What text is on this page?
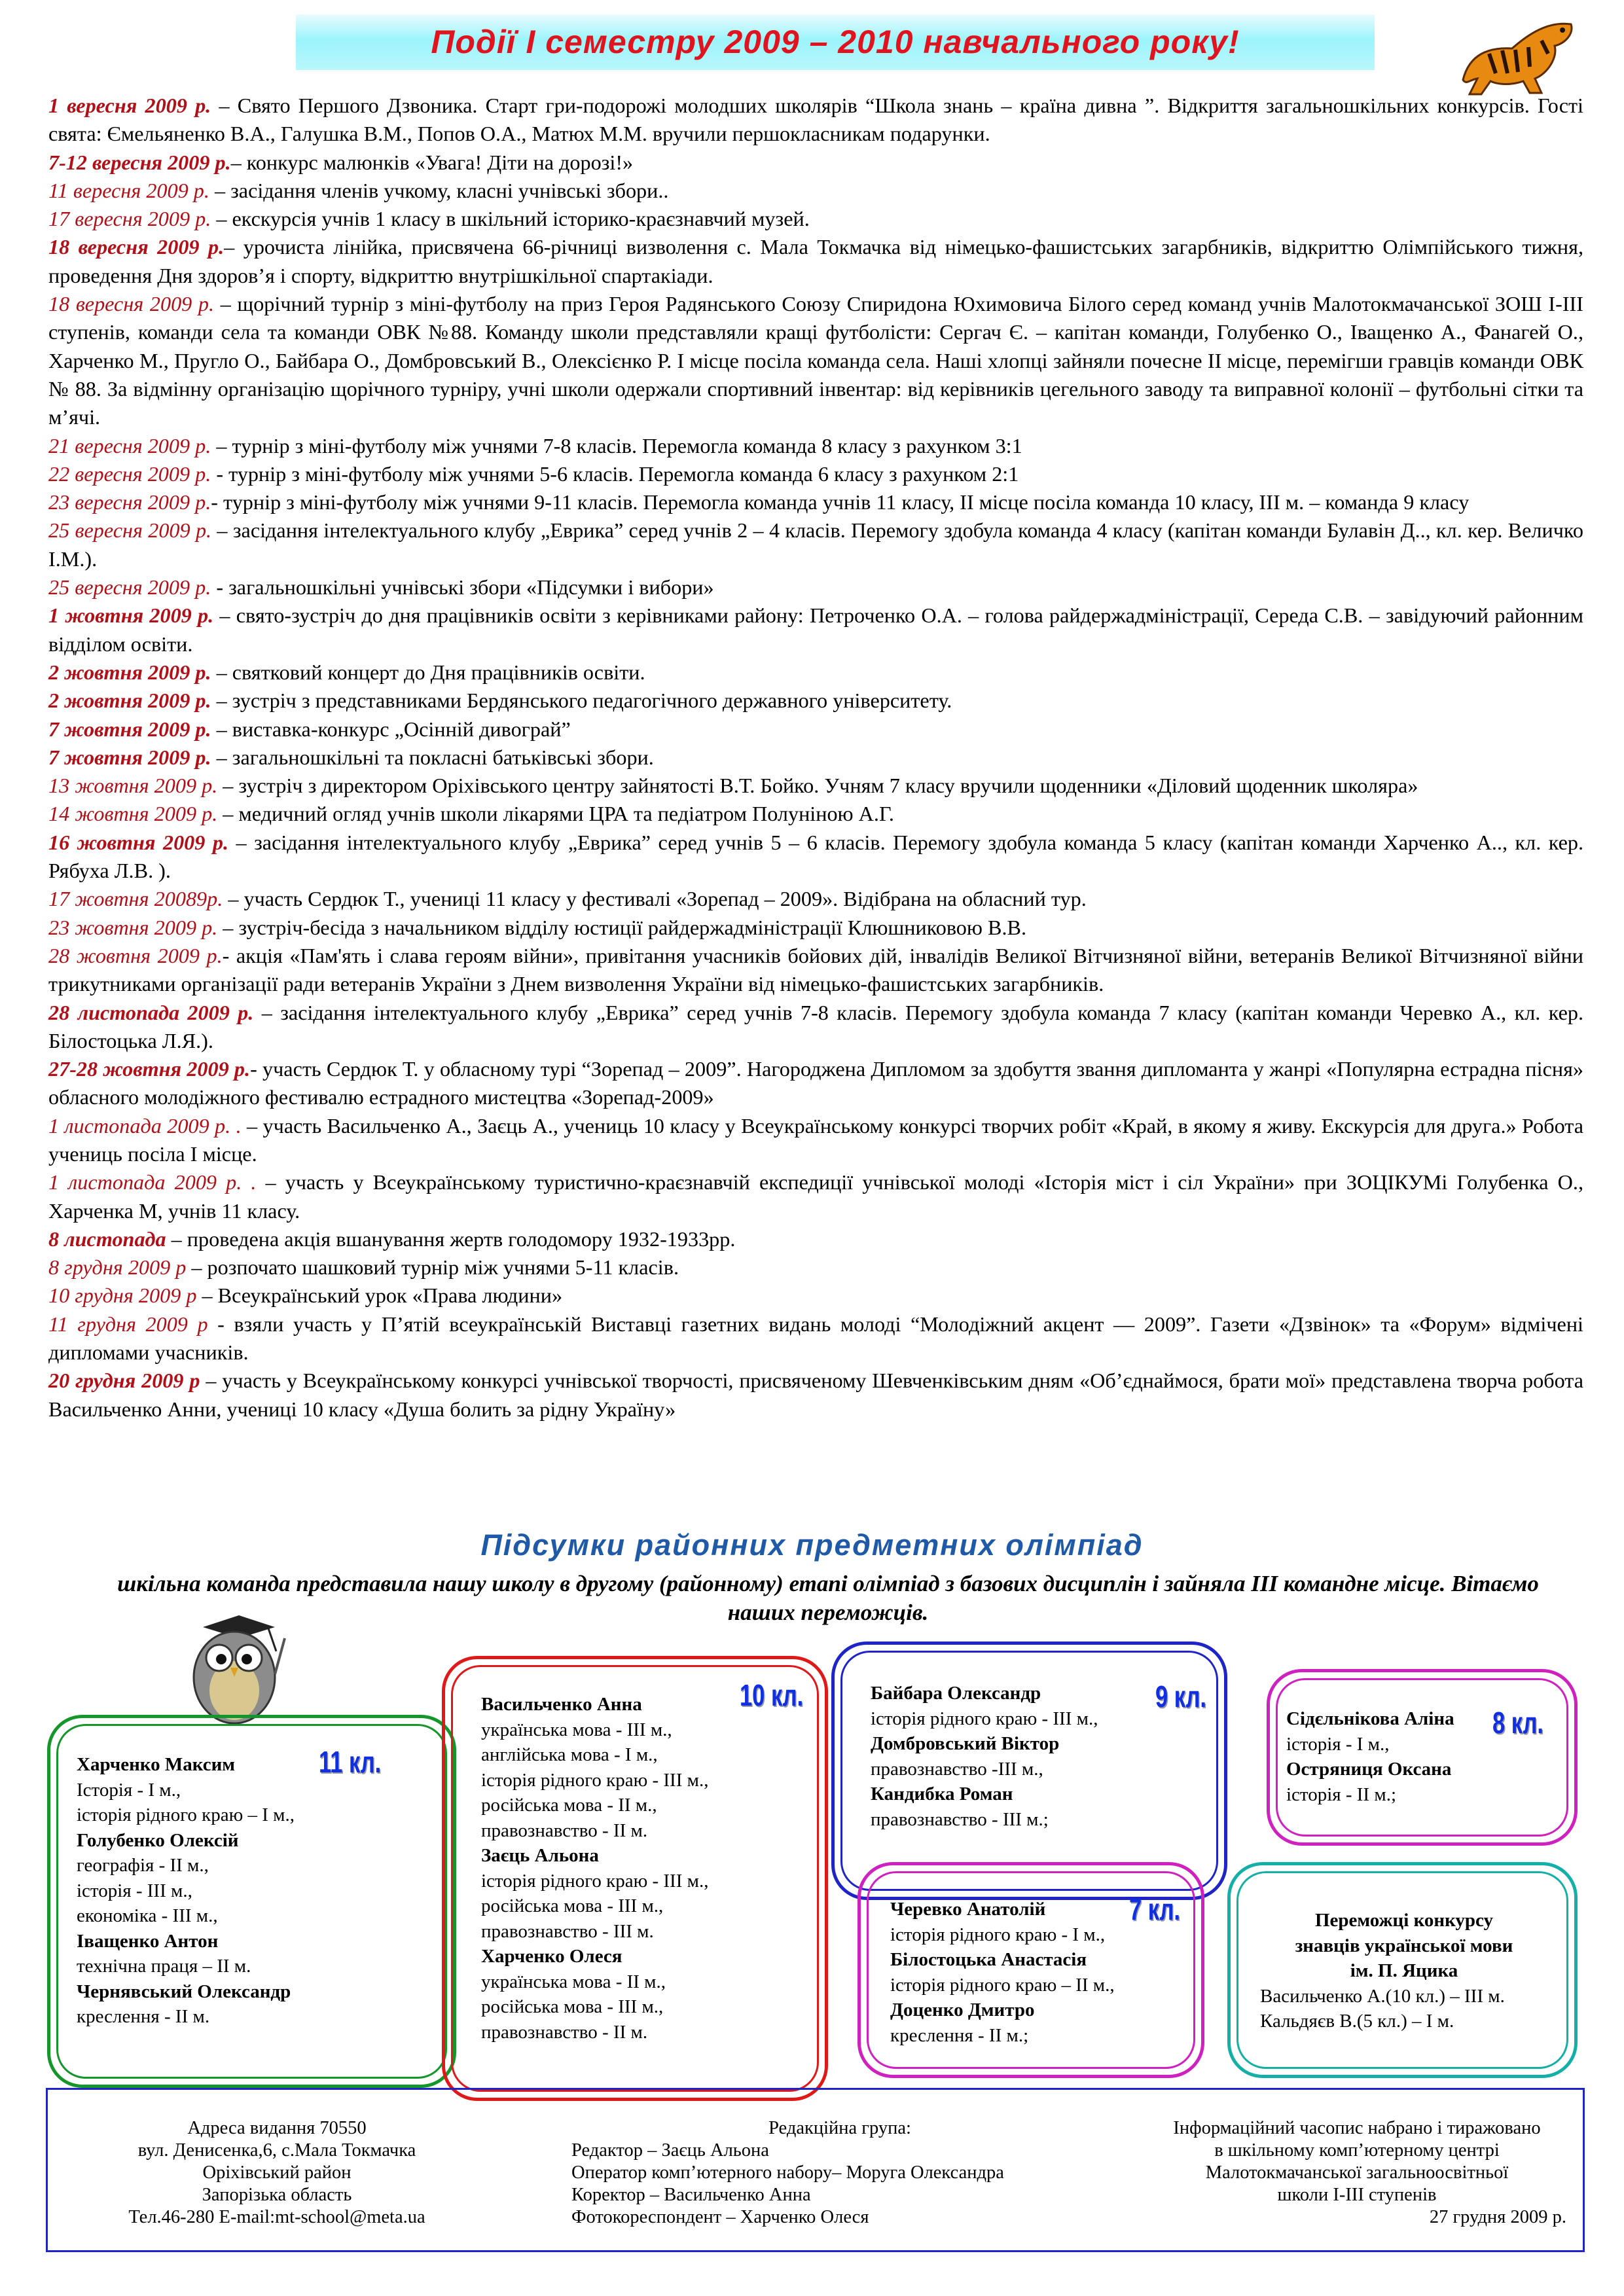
Події I семестру 2009 – 2010 навчального року!

1 вересня 2009 р. – Свято Першого Дзвоника. Старт гри-подорожі молодших школярів “Школа знань – країна дивна ”. Відкриття загальношкільних конкурсів. Гості свята: Ємельяненко В.А., Галушка В.М., Попов О.А., Матюх М.М. вручили першокласникам подарунки.

7-12 вересня 2009 р.– конкурс малюнків «Увага! Діти на дорозі!»

11 вересня 2009 р. – засідання членів учкому, класні учнівські збори..

17 вересня 2009 р. – екскурсія учнів 1 класу в шкільний історико-краєзнавчий музей.

18 вересня 2009 р.– урочиста лінійка, присвячена 66-річниці визволення с. Мала Токмачка від німецько-фашистських загарбників, відкриттю Олімпійського тижня, проведення Дня здоров’я і спорту, відкриттю внутрішкільної спартакіади.

18 вересня 2009 р. – щорічний турнір з міні-футболу на приз Героя Радянського Союзу Спиридона Юхимовича Білого серед команд учнів Малотокмачанської ЗОШ I-III ступенів, команди села та команди ОВК №88. Команду школи представляли кращі футболісти: Сергач Є. – капітан команди, Голубенко О., Іващенко А., Фанагей О., Харченко М., Пругло О., Байбара О., Домбровський В., Олексієнко Р. I місце посіла команда села. Наші хлопці зайняли почесне II місце, перемігши гравців команди ОВК № 88. За відмінну організацію щорічного турніру, учні школи одержали спортивний інвентар: від керівників цегельного заводу та виправної колонії – футбольні сітки та м’ячі.

21 вересня 2009 р. – турнір з міні-футболу між учнями 7-8 класів. Перемогла команда 8 класу з рахунком 3:1

22 вересня 2009 р. - турнір з міні-футболу між учнями 5-6 класів. Перемогла команда 6 класу з рахунком 2:1

23 вересня 2009 р.- турнір з міні-футболу між учнями 9-11 класів. Перемогла команда учнів 11 класу, II місце посіла команда 10 класу, III м. – команда 9 класу

25 вересня 2009 р. – засідання інтелектуального клубу „Еврика” серед учнів 2 – 4 класів. Перемогу здобула команда 4 класу (капітан команди Булавін Д.., кл. кер. Величко І.М.).

25 вересня 2009 р. - загальношкільні учнівські збори «Підсумки і вибори»

1 жовтня 2009 р. – свято-зустріч до дня працівників освіти з керівниками району: Петроченко О.А. – голова райдержадміністрації, Середа С.В. – завідуючий районним відділом освіти.

2 жовтня 2009 р. – святковий концерт до Дня працівників освіти.

2 жовтня 2009 р. – зустріч з представниками Бердянського педагогічного державного університету.

7 жовтня 2009 р. – виставка-конкурс „Осінній дивограй”

7 жовтня 2009 р. – загальношкільні та покласні батьківські збори.

13 жовтня 2009 р. – зустріч з директором Оріхівського центру зайнятості В.Т. Бойко. Учням 7 класу вручили щоденники «Діловий щоденник школяра»

14 жовтня 2009 р. – медичний огляд учнів школи лікарями ЦРА та педіатром Полуніною А.Г.

16 жовтня 2009 р. – засідання інтелектуального клубу „Еврика” серед учнів 5 – 6 класів. Перемогу здобула команда 5 класу (капітан команди Харченко А.., кл. кер. Рябуха Л.В. ).

17 жовтня 20089р. – участь Сердюк Т., учениці 11 класу у фестивалі «Зорепад – 2009». Відібрана на обласний тур.

23 жовтня 2009 р. – зустріч-бесіда з начальником відділу юстиції райдержадміністрації Клюшниковою В.В.

28 жовтня 2009 р.- акція «Пам'ять і слава героям війни», привітання учасників бойових дій, інвалідів Великої Вітчизняної війни, ветеранів Великої Вітчизняної війни трикутниками організації ради ветеранів України з Днем визволення України від німецько-фашистських загарбників.

28 листопада 2009 р. – засідання інтелектуального клубу „Еврика” серед учнів 7-8 класів. Перемогу здобула команда 7 класу (капітан команди Черевко А., кл. кер. Білостоцька Л.Я.).

27-28 жовтня 2009 р.- участь Сердюк Т. у обласному турі “Зорепад – 2009”. Нагороджена Дипломом за здобуття звання дипломанта у жанрі «Популярна естрадна пісня» обласного молодіжного фестивалю естрадного мистецтва «Зорепад-2009»

1 листопада 2009 р. . – участь Васильченко А., Заєць А., учениць 10 класу у Всеукраїнському конкурсі творчих робіт «Край, в якому я живу. Екскурсія для друга.» Робота учениць посіла I місце.

1 листопада 2009 р. . – участь у Всеукраїнському туристично-краєзнавчій експедиції учнівської молоді «Історія міст і сіл України» при ЗОЦІКУМі Голубенка О., Харченка М, учнів 11 класу.

8 листопада – проведена акція вшанування жертв голодомору 1932-1933рр.

8 грудня 2009 р – розпочато шашковий турнір між учнями 5-11 класів.

10 грудня 2009 р – Всеукраїнський урок «Права людини»

11 грудня 2009 р - взяли участь у П’ятій всеукраїнській Виставці газетних видань молоді “Молодіжний акцент — 2009”. Газети «Дзвінок» та «Форум» відмічені дипломами учасників.

20 грудня 2009 р – участь у Всеукраїнському конкурсі учнівської творчості, присвяченому Шевченківським дням «Об’єднаймося, брати мої» представлена творча робота Васильченко Анни, учениці 10 класу «Душа болить за рідну Україну»

Підсумки районних предметних олімпіад
шкільна команда представила нашу школу в другому (районному) етапі олімпіад з базових дисциплін і зайняла III командне місце. Вітаємо наших переможців.
Харченко Максим
Історія - I м.,
історія рідного краю – I м.,
Голубенко Олексій
географія - II м.,
історія - III м.,
економіка - III м.,
Іващенко Антон
технічна праця – II м.
Чернявський Олександр
креслення - II м.
11 кл.
Васильченко Анна
українська мова - III м.,
англійська мова - I м.,
історія рідного краю - III м.,
російська мова - II м.,
правознавство - II м.
Заєць Альона
історія рідного краю - III м.,
російська мова - III м.,
правознавство - III м.
Харченко Олеся
українська мова - II м.,
російська мова - III м.,
правознавство - II м.
10 кл.	Байбара Олександр
історія рідного краю - III м.,
Домбровський Віктор
правознавство -III м.,
Кандибка Роман
правознавство - III м.;
9 кл.
Сідєльнікова Аліна
історія - I м.,
Остряниця Оксана
історія - II м.;
8 кл.
Черевко Анатолій
історія рідного краю - I м.,
Білостоцька Анастасія
історія рідного краю – II м.,
Доценко Дмитро
креслення - II м.;
7 кл.	Переможці конкурсу
знавців української мови
ім. П. Яцика
Васильченко А.(10 кл.) – III м.
Кальдяєв В.(5 кл.) – I м.
Адреса видання 70550
вул. Денисенка,6, с.Мала Токмачка
Оріхівський район
Запорізька область
Тел.46-280 E-mail:mt-school@meta.ua
Редакційна група:
Редактор – Заєць Альона
Оператор комп’ютерного набору– Моруга Олександра
Коректор – Васильченко Анна
Фотокореспондент – Харченко Олеся
Інформаційний часопис набрано і тиражовано
в шкільному комп’ютерному центрі
Малотокмачанської загальноосвітньої
школи I-III ступенів
27 грудня 2009 р.
